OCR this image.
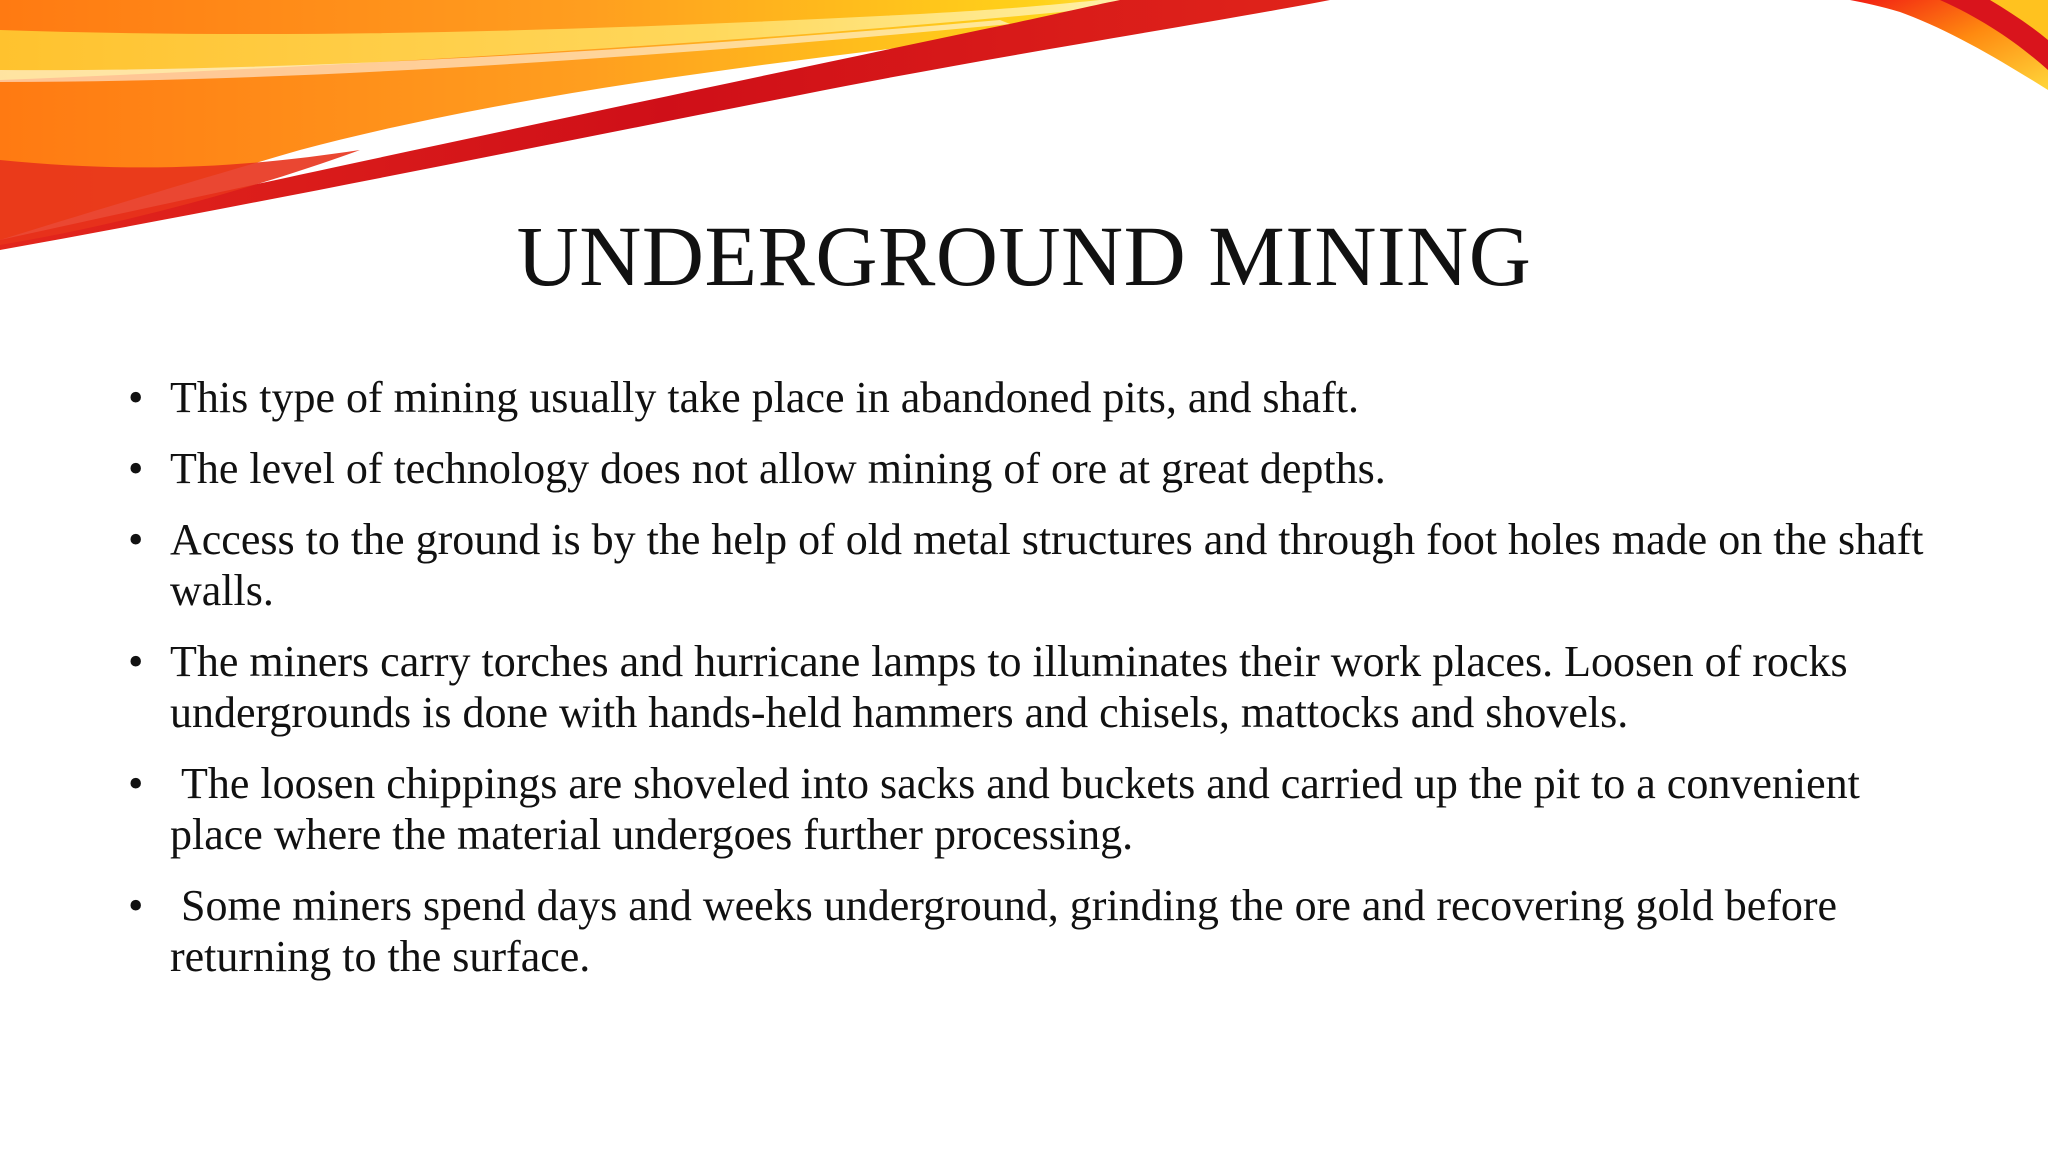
UNDERGROUND MINING
• This type of mining usually take place in abandoned pits, and shaft.
• The level of technology does not allow mining of ore at great depths.
• Access to the ground is by the help of old metal structures and through foot holes made on the shaft walls.
• The miners carry torches and hurricane lamps to illuminates their work places. Loosen of rocks undergrounds is done with hands-held hammers and chisels, mattocks and shovels.
• The loosen chippings are shoveled into sacks and buckets and carried up the pit to a convenient place where the material undergoes further processing.
• Some miners spend days and weeks underground, grinding the ore and recovering gold before returning to the surface.
